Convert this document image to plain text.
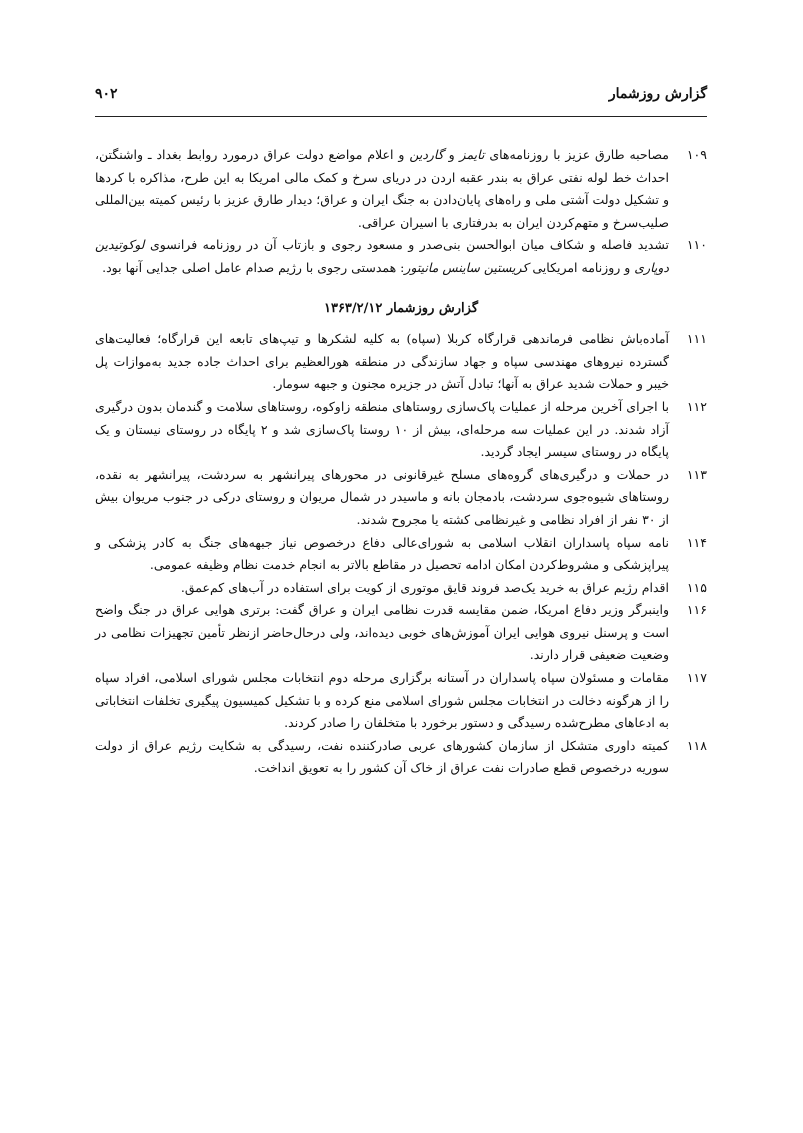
گزارش روزشمار
۹۰۲

۱۰۹
مصاحبه طارق عزیز با روزنامه‌های تایمز و گاردین و اعلام مواضع دولت عراق درمورد روابط بغداد ـ واشنگتن، احداث خط لوله نفتی عراق به بندر عقبه اردن در دریای سرخ و کمک مالی امریکا به این طرح، مذاکره با کردها و تشکیل دولت آشتی ملی و راه‌های پایان‌دادن به جنگ ایران و عراق؛ دیدار طارق عزیز با رئیس کمیته بین‌المللی صلیب‌سرخ و متهم‌کردن ایران به بدرفتاری با اسیران عراقی.

۱۱۰
تشدید فاصله و شکاف میان ابوالحسن بنی‌صدر و مسعود رجوی و بازتاب آن در روزنامه فرانسوی لوکوتیدین دوپاری و روزنامه امریکایی کریستین ساینس مانیتور: همدستی رجوی با رژیم صدام عامل اصلی جدایی آنها بود.

گزارش روزشمار ۱۳۶۳/۲/۱۲

۱۱۱
آماده‌باش نظامی فرماندهی قرارگاه کربلا (سپاه) به کلیه لشکرها و تیپ‌های تابعه این قرارگاه؛ فعالیت‌های گسترده نیروهای مهندسی سپاه و جهاد سازندگی در منطقه هورالعظیم برای احداث جاده جدید به‌موازات پل خیبر و حملات شدید عراق به آنها؛ تبادل آتش در جزیره مجنون و جبهه سومار.

۱۱۲
با اجرای آخرین مرحله از عملیات پاک‌سازی روستاهای منطقه زاوکوه، روستاهای سلامت و گندمان بدون درگیری آزاد شدند. در این عملیات سه مرحله‌ای، بیش از ۱۰ روستا پاک‌سازی شد و ۲ پایگاه در روستای نیستان و یک پایگاه در روستای سیسر ایجاد گردید.

۱۱۳
در حملات و درگیری‌های گروه‌های مسلح غیرقانونی در محورهای پیرانشهر به سردشت، پیرانشهر به نقده، روستاهای شیوه‌جوی سردشت، بادمجان بانه و ماسیدر در شمال مریوان و روستای درکی در جنوب مریوان بیش از ۳۰ نفر از افراد نظامی و غیرنظامی کشته یا مجروح شدند.

۱۱۴
نامه سپاه پاسداران انقلاب اسلامی به شورای‌عالی دفاع درخصوص نیاز جبهه‌های جنگ به کادر پزشکی و پیراپزشکی و مشروط‌کردن امکان ادامه تحصیل در مقاطع بالاتر به انجام خدمت نظام وظیفه عمومی.

۱۱۵
اقدام رژیم عراق به خرید یک‌صد فروند قایق موتوری از کویت برای استفاده در آب‌های کم‌عمق.

۱۱۶
واینبرگر وزیر دفاع امریکا، ضمن مقایسه قدرت نظامی ایران و عراق گفت: برتری هوایی عراق در جنگ واضح است و پرسنل نیروی هوایی ایران آموزش‌های خوبی دیده‌اند، ولی درحال‌حاضر ازنظر تأمین تجهیزات نظامی در وضعیت ضعیفی قرار دارند.

۱۱۷
مقامات و مسئولان سپاه پاسداران در آستانه برگزاری مرحله دوم انتخابات مجلس شورای اسلامی، افراد سپاه را از هرگونه دخالت در انتخابات مجلس شورای اسلامی منع کرده و با تشکیل کمیسیون پیگیری تخلفات انتخاباتی به ادعاهای مطرح‌شده رسیدگی و دستور برخورد با متخلفان را صادر کردند.

۱۱۸
کمیته داوری متشکل از سازمان کشورهای عربی صادرکننده نفت، رسیدگی به شکایت رژیم عراق از دولت سوریه درخصوص قطع صادرات نفت عراق از خاک آن کشور را به تعویق انداخت.
